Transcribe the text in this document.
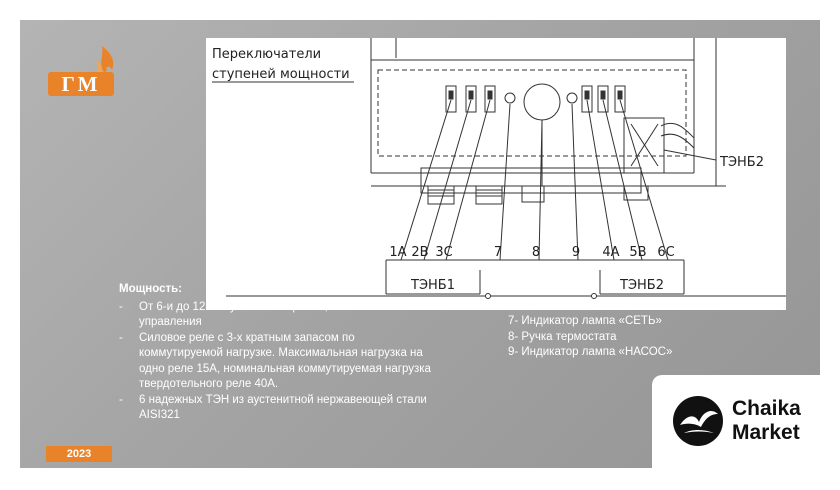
ГМ
Переключатели
ступеней мощности
1А 2В 3С	7 8 9 4А 5В 6С
ТЭНБ1	ТЭНБ2
ТЭНБ2
Мощность:
- От 6-и до 12-и ступеней мощности, 6 кнопок управления
- Силовое реле с 3-х кратным запасом по коммутируемой нагрузке. Максимальная нагрузка на одно реле 15А, номинальная коммутируемая нагрузка твердотельного реле 40А.
- 6 надежных ТЭН из аустенитной нержавеющей стали AISI321
7- Индикатор лампа «СЕТЬ»
8- Ручка термостата
9- Индикатор лампа «НАСОС»
2023
Chaika
Market
